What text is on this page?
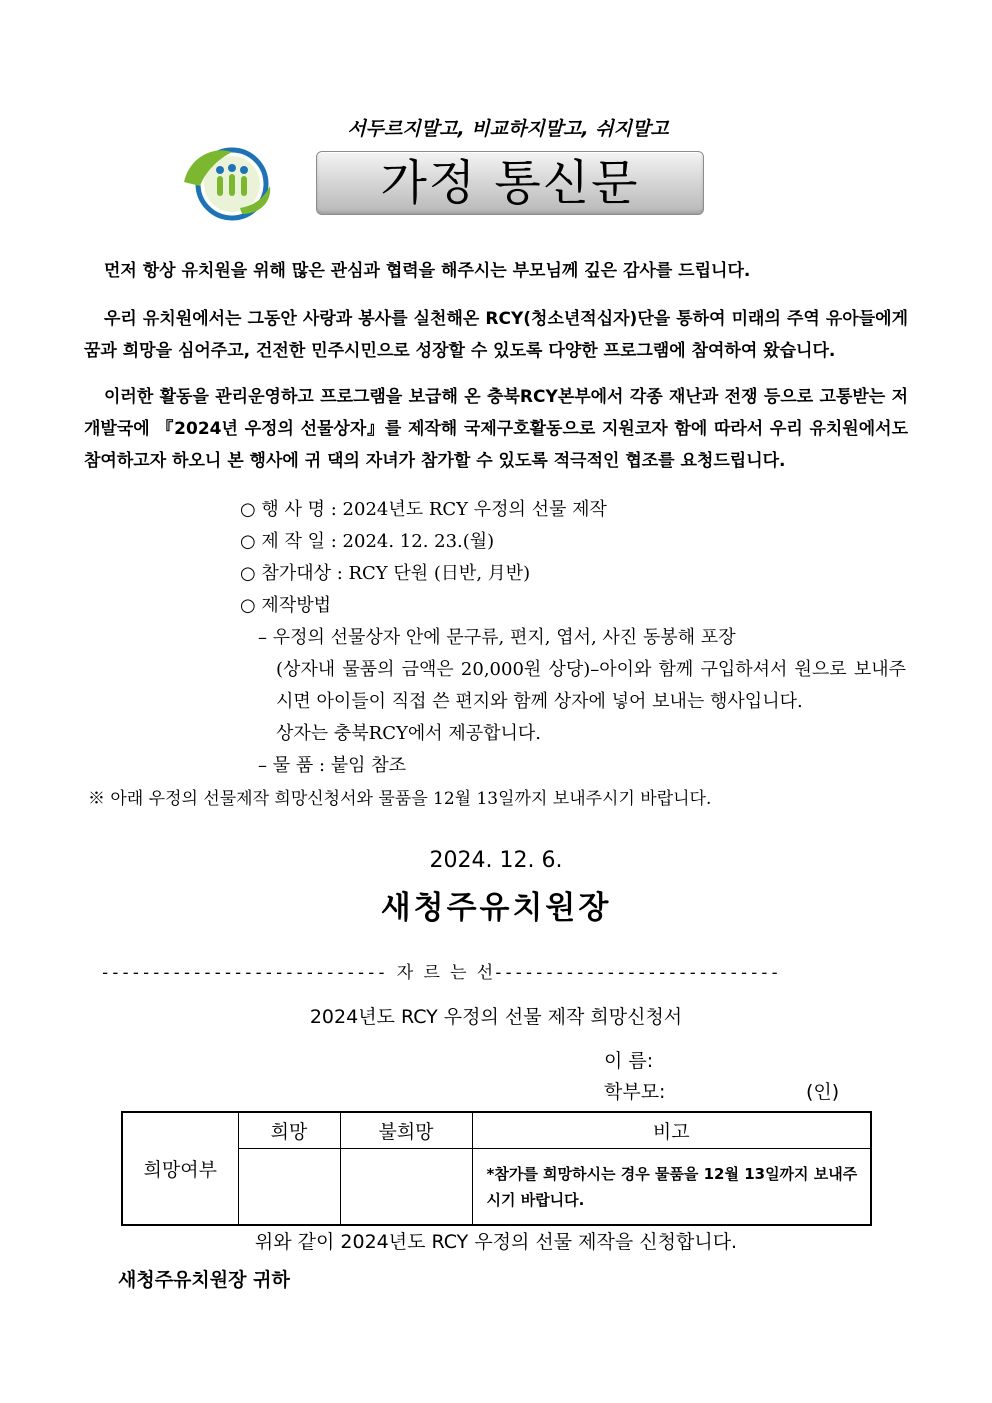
서두르지말고, 비교하지말고, 쉬지말고
가정 통신문
먼저 항상 유치원을 위해 많은 관심과 협력을 해주시는 부모님께 깊은 감사를 드립니다.
우리 유치원에서는 그동안 사랑과 봉사를 실천해온 RCY(청소년적십자)단을 통하여 미래의 주역 유아들에게 꿈과 희망을 심어주고, 건전한 민주시민으로 성장할 수 있도록 다양한 프로그램에 참여하여 왔습니다.
이러한 활동을 관리운영하고 프로그램을 보급해 온 충북RCY본부에서 각종 재난과 전쟁 등으로 고통받는 저개발국에 『2024년 우정의 선물상자』를 제작해 국제구호활동으로 지원코자 함에 따라서 우리 유치원에서도 참여하고자 하오니 본 행사에 귀 댁의 자녀가 참가할 수 있도록 적극적인 협조를 요청드립니다.
○ 행 사 명 : 2024년도 RCY 우정의 선물 제작
○ 제 작 일 : 2024. 12. 23.(월)
○ 참가대상 : RCY 단원 (日반, 月반)
○ 제작방법
– 우정의 선물상자 안에 문구류, 편지, 엽서, 사진 동봉해 포장
(상자내 물품의 금액은 20,000원 상당)–아이와 함께 구입하셔서 원으로 보내주시면 아이들이 직접 쓴 편지와 함께 상자에 넣어 보내는 행사입니다.
상자는 충북RCY에서 제공합니다.
– 물 품 : 붙임 참조
※ 아래 우정의 선물제작 희망신청서와 물품을 12월 13일까지 보내주시기 바랍니다.
2024. 12. 6.
새청주유치원장
---------------------------- 자 르 는 선----------------------------
2024년도 RCY 우정의 선물 제작 희망신청서
이 름:
학부모:	(인)
희망여부	희망	불희망	비고
			*참가를 희망하시는 경우 물품을 12월 13일까지 보내주시기 바랍니다.
위와 같이 2024년도 RCY 우정의 선물 제작을 신청합니다.
새청주유치원장 귀하
